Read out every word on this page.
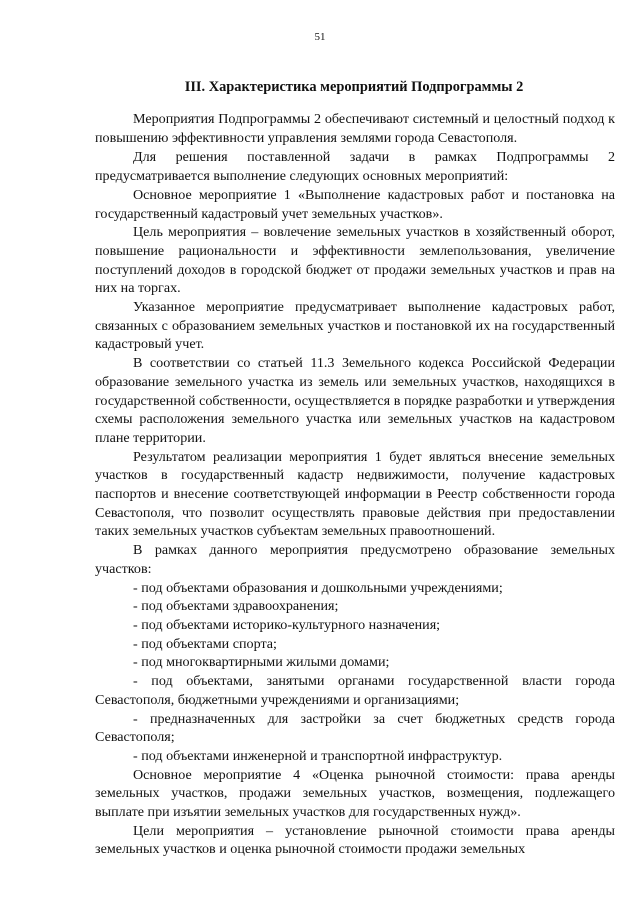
51
III. Характеристика мероприятий Подпрограммы 2

Мероприятия Подпрограммы 2 обеспечивают системный и целостный подход к повышению эффективности управления землями города Севастополя.

Для решения поставленной задачи в рамках Подпрограммы 2 предусматривается выполнение следующих основных мероприятий:

Основное мероприятие 1 «Выполнение кадастровых работ и постановка на государственный кадастровый учет земельных участков».

Цель мероприятия – вовлечение земельных участков в хозяйственный оборот, повышение рациональности и эффективности землепользования, увеличение поступлений доходов в городской бюджет от продажи земельных участков и прав на них на торгах.

Указанное мероприятие предусматривает выполнение кадастровых работ, связанных с образованием земельных участков и постановкой их на государственный кадастровый учет.

В соответствии со статьей 11.3 Земельного кодекса Российской Федерации образование земельного участка из земель или земельных участков, находящихся в государственной собственности, осуществляется в порядке разработки и утверждения схемы расположения земельного участка или земельных участков на кадастровом плане территории.

Результатом реализации мероприятия 1 будет являться внесение земельных участков в государственный кадастр недвижимости, получение кадастровых паспортов и внесение соответствующей информации в Реестр собственности города Севастополя, что позволит осуществлять правовые действия при предоставлении таких земельных участков субъектам земельных правоотношений.

В рамках данного мероприятия предусмотрено образование земельных участков:

- под объектами образования и дошкольными учреждениями;

- под объектами здравоохранения;

- под объектами историко-культурного назначения;

- под объектами спорта;

- под многоквартирными жилыми домами;

- под объектами, занятыми органами государственной власти города Севастополя, бюджетными учреждениями и организациями;

- предназначенных для застройки за счет бюджетных средств города Севастополя;

- под объектами инженерной и транспортной инфраструктур.

Основное мероприятие 4 «Оценка рыночной стоимости: права аренды земельных участков, продажи земельных участков, возмещения, подлежащего выплате при изъятии земельных участков для государственных нужд».

Цели мероприятия – установление рыночной стоимости права аренды земельных участков и оценка рыночной стоимости продажи земельных
